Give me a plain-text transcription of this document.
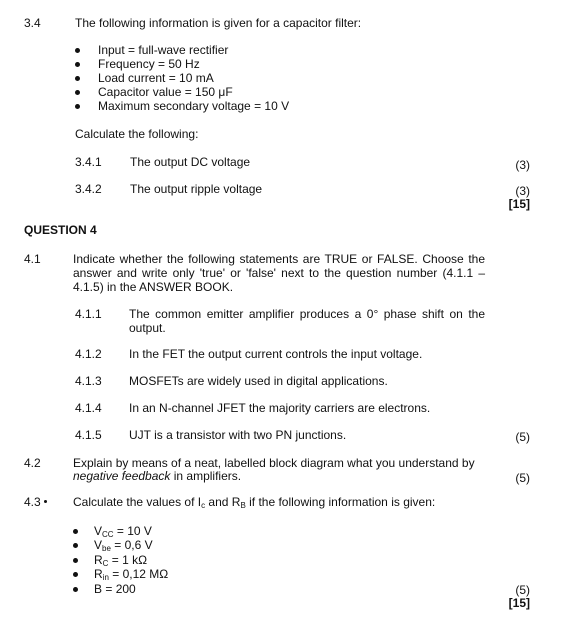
3.4	The following information is given for a capacitor filter:
Input = full-wave rectifier
Frequency = 50 Hz
Load current = 10 mA
Capacitor value = 150 μF
Maximum secondary voltage = 10 V
Calculate the following:
3.4.1 The output DC voltage	(3)
3.4.2 The output ripple voltage	(3)
[15]
QUESTION 4
4.1	Indicate whether the following statements are TRUE or FALSE. Choose the answer and write only 'true' or 'false' next to the question number (4.1.1 – 4.1.5) in the ANSWER BOOK.
4.1.1 The common emitter amplifier produces a 0° phase shift on the output.
4.1.2 In the FET the output current controls the input voltage.
4.1.3 MOSFETs are widely used in digital applications.
4.1.4 In an N-channel JFET the majority carriers are electrons.
4.1.5 UJT is a transistor with two PN junctions.	(5)
4.2	Explain by means of a neat, labelled block diagram what you understand by
negative feedback in amplifiers.	(5)
4.3	Calculate the values of $I_c$ and $R_B$ if the following information is given:
$V_{CC} = 10$ V
$V_{be} = 0,6$ V
$R_C = 1$ kΩ
$R_{in} = 0,12$ MΩ
B = 200	(5)
[15]
